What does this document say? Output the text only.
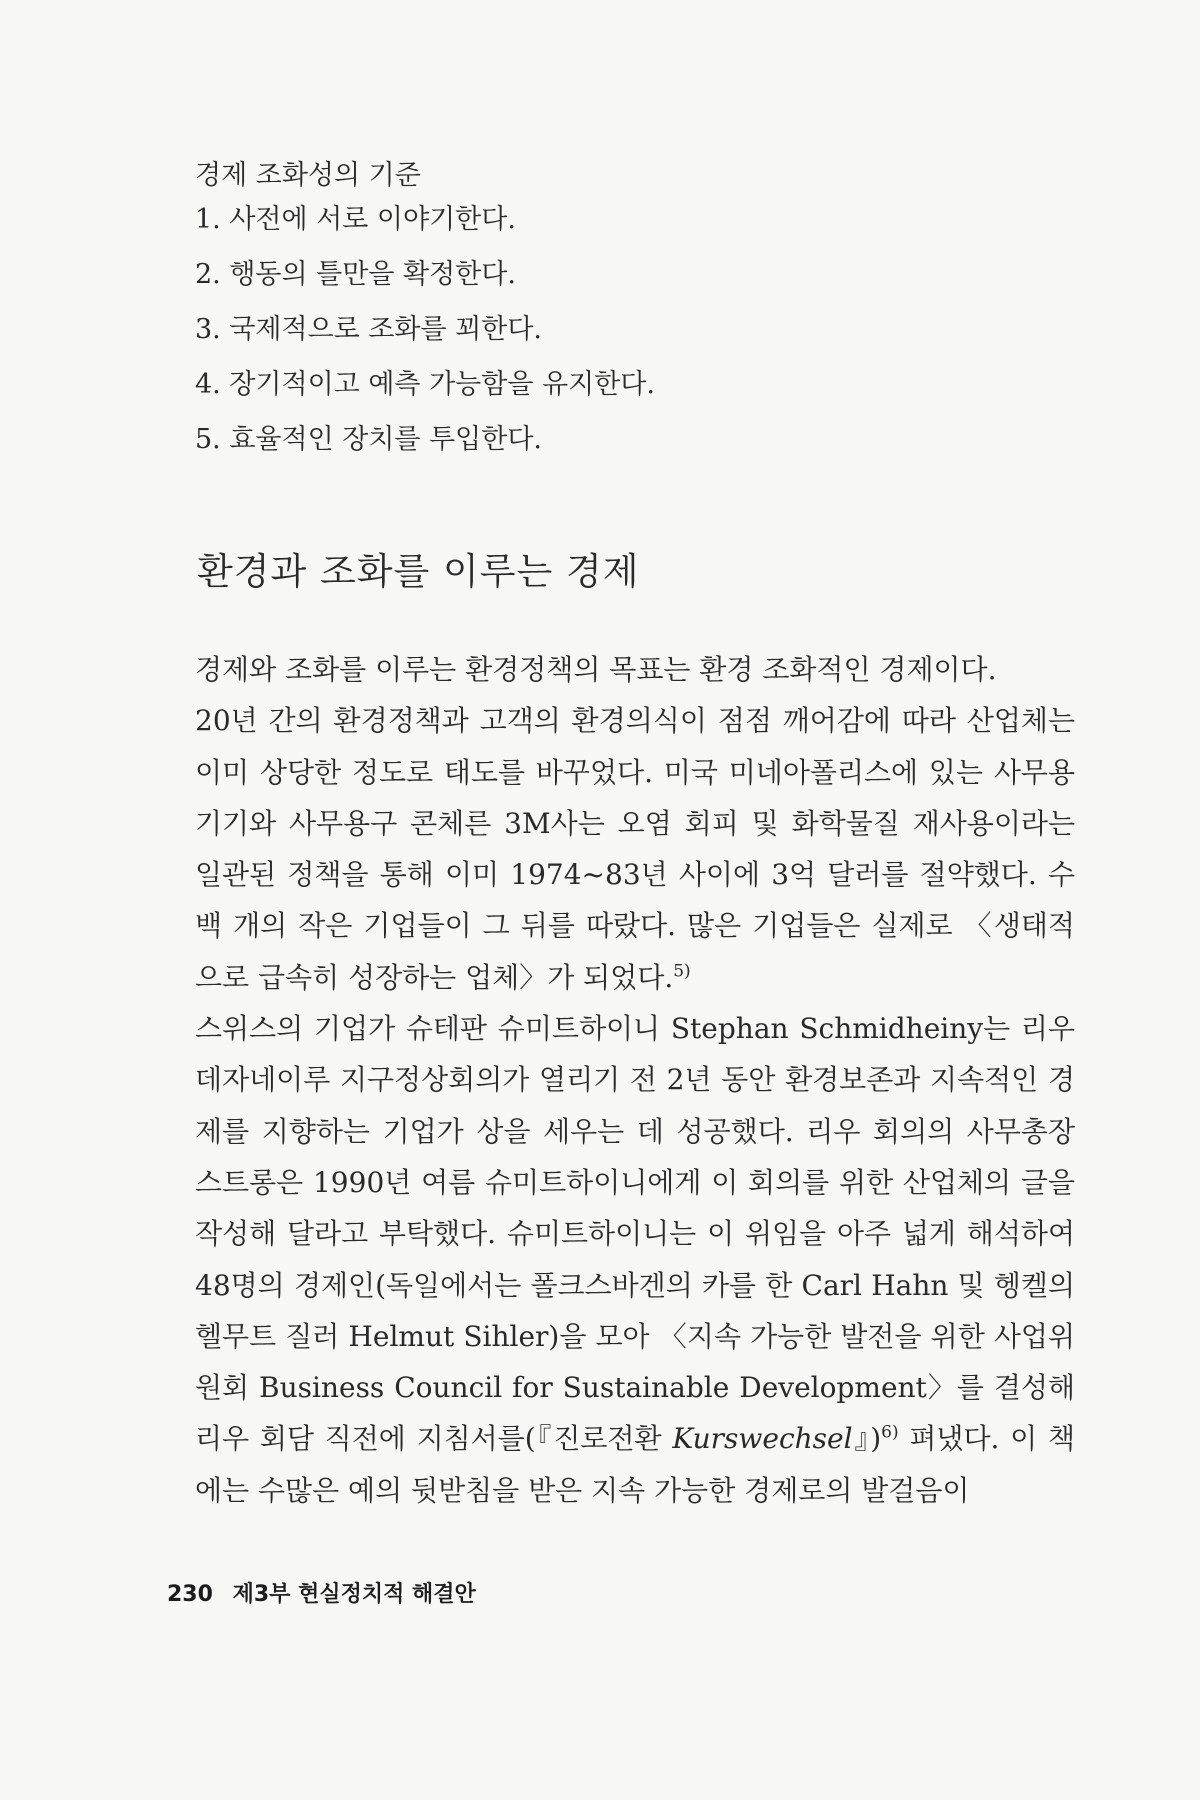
경제 조화성의 기준

1. 사전에 서로 이야기한다.
2. 행동의 틀만을 확정한다.
3. 국제적으로 조화를 꾀한다.
4. 장기적이고 예측 가능함을 유지한다.
5. 효율적인 장치를 투입한다.
환경과 조화를 이루는 경제

경제와 조화를 이루는 환경정책의 목표는 환경 조화적인 경제이다.

20년 간의 환경정책과 고객의 환경의식이 점점 깨어감에 따라 산업체는 이미 상당한 정도로 태도를 바꾸었다. 미국 미네아폴리스에 있는 사무용 기기와 사무용구 콘체른 3M사는 오염 회피 및 화학물질 재사용이라는 일관된 정책을 통해 이미 1974~83년 사이에 3억 달러를 절약했다. 수백 개의 작은 기업들이 그 뒤를 따랐다. 많은 기업들은 실제로 〈생태적으로 급속히 성장하는 업체〉가 되었다.$^{5)}$

스위스의 기업가 슈테판 슈미트하이니 Stephan Schmidheiny는 리우데자네이루 지구정상회의가 열리기 전 2년 동안 환경보존과 지속적인 경제를 지향하는 기업가 상을 세우는 데 성공했다. 리우 회의의 사무총장 스트롱은 1990년 여름 슈미트하이니에게 이 회의를 위한 산업체의 글을 작성해 달라고 부탁했다. 슈미트하이니는 이 위임을 아주 넓게 해석하여 48명의 경제인(독일에서는 폴크스바겐의 카를 한 Carl Hahn 및 헹켈의 헬무트 질러 Helmut Sihler)을 모아 〈지속 가능한 발전을 위한 사업위원회 Business Council for Sustainable Development〉를 결성해 리우 회담 직전에 지침서를(『진로전환 Kurswechsel』)$^{6)}$ 펴냈다. 이 책에는 수많은 예의 뒷받침을 받은 지속 가능한 경제로의 발걸음이

230 제3부 현실정치적 해결안
